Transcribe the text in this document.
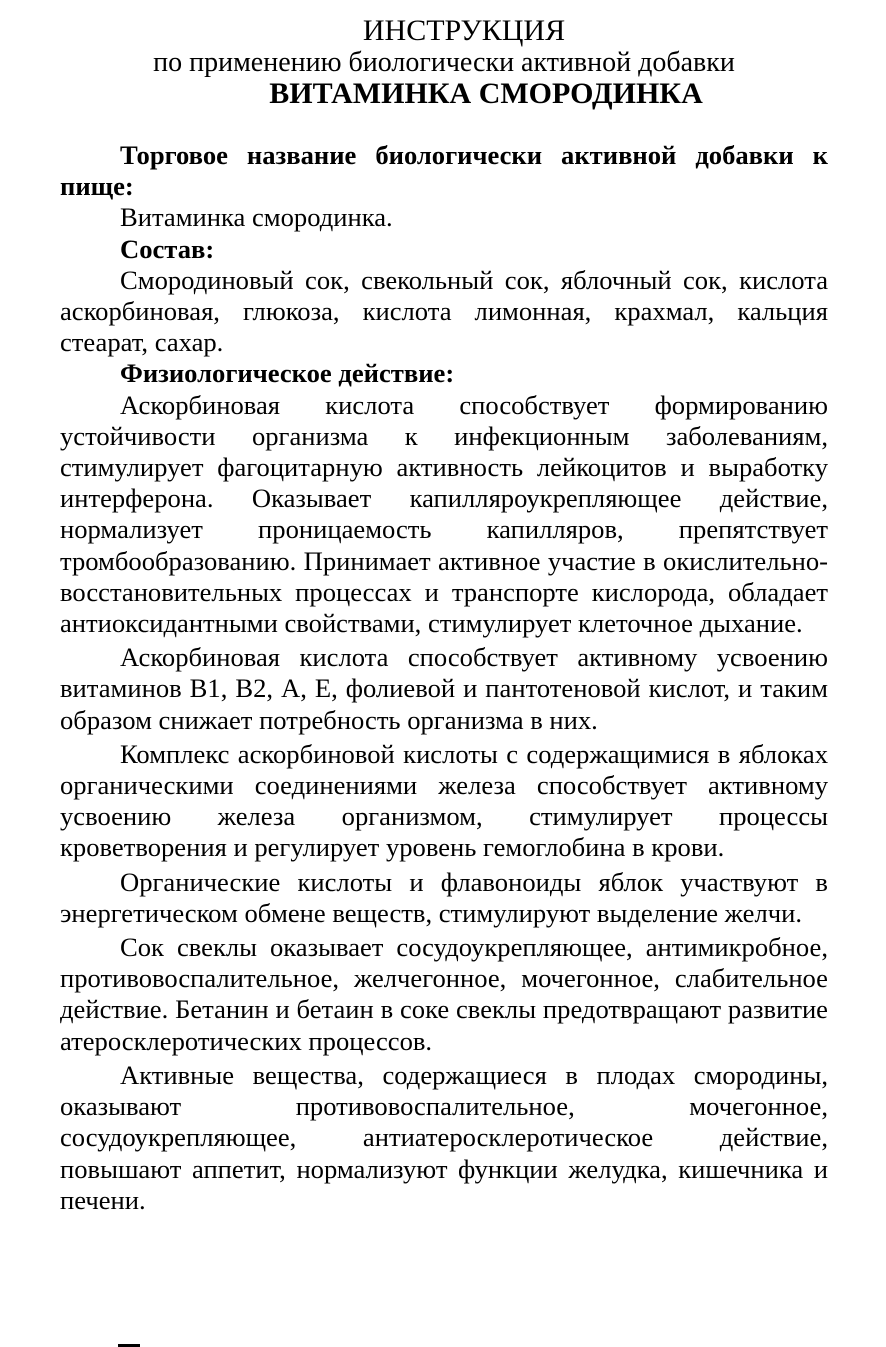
ИНСТРУКЦИЯ
по применению биологически активной добавки
ВИТАМИНКА СМОРОДИНКА

Торговое название биологически активной добавки к пище:

Витаминка смородинка.

Состав:

Смородиновый сок, свекольный сок, яблочный сок, кислота аскорбиновая, глюкоза, кислота лимонная, крахмал, кальция стеарат, сахар.

Физиологическое действие:

Аскорбиновая кислота способствует формированию устойчивости организма к инфекционным заболеваниям, стимулирует фагоцитарную активность лейкоцитов и выработку интерферона. Оказывает капилляроукрепляющее действие, нормализует проницаемость капилляров, препятствует тромбообразованию. Принимает активное участие в окислительно-восстановительных процессах и транспорте кислорода, обладает антиоксидантными свойствами, стимулирует клеточное дыхание.

Аскорбиновая кислота способствует активному усвоению витаминов В1, В2, А, Е, фолиевой и пантотеновой кислот, и таким образом снижает потребность организма в них.

Комплекс аскорбиновой кислоты с содержащимися в яблоках органическими соединениями железа способствует активному усвоению железа организмом, стимулирует процессы кроветворения и регулирует уровень гемоглобина в крови.

Органические кислоты и флавоноиды яблок участвуют в энергетическом обмене веществ, стимулируют выделение желчи.

Сок свеклы оказывает сосудоукрепляющее, антимикробное, противовоспалительное, желчегонное, мочегонное, слабительное действие. Бетанин и бетаин в соке свеклы предотвращают развитие атеросклеротических процессов.

Активные вещества, содержащиеся в плодах смородины, оказывают противовоспалительное, мочегонное, сосудоукрепляющее, антиатеросклеротическое действие, повышают аппетит, нормализуют функции желудка, кишечника и печени.
